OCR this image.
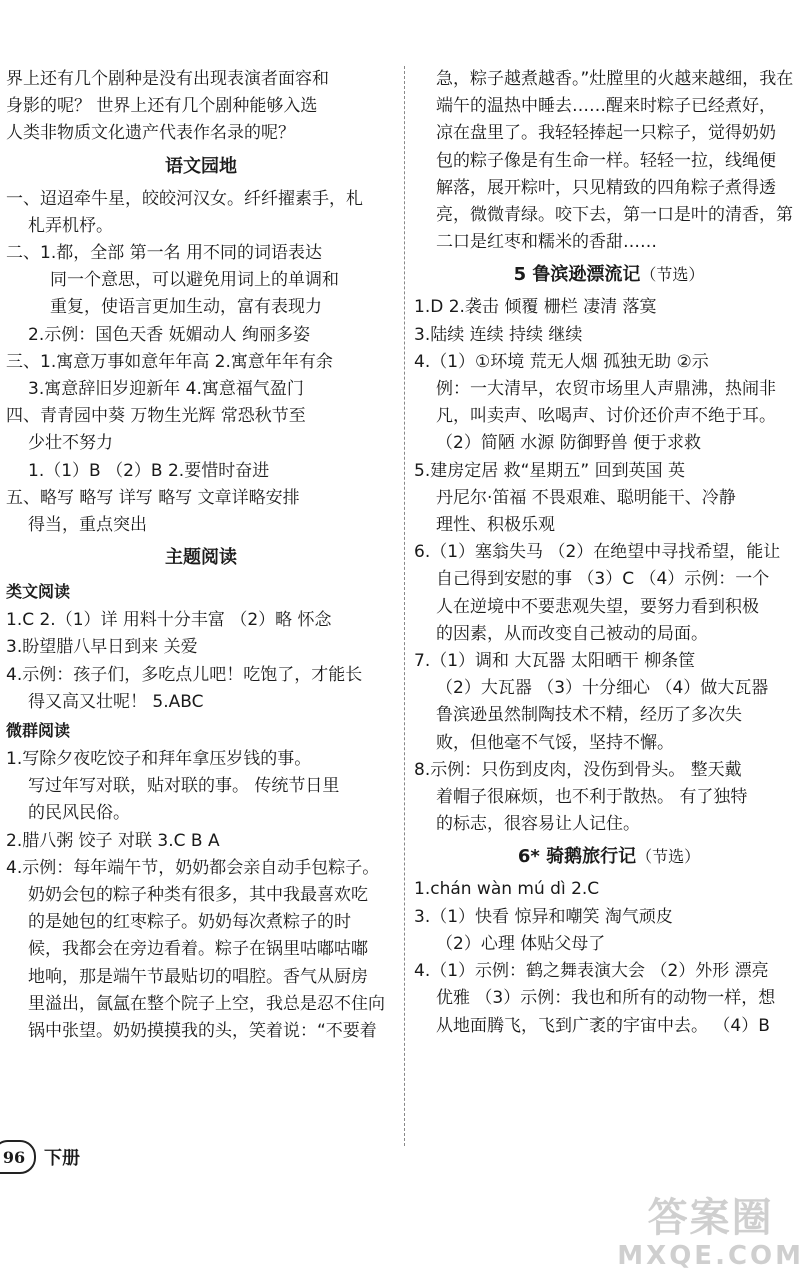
界上还有几个剧种是没有出现表演者面容和
身影的呢？ 世界上还有几个剧种能够入选
人类非物质文化遗产代表作名录的呢？
语文园地
一、迢迢牵牛星，皎皎河汉女。纤纤擢素手，札
札弄机杼。
二、1.都，全部 第一名 用不同的词语表达
同一个意思，可以避免用词上的单调和
重复，使语言更加生动，富有表现力
2.示例：国色天香 妩媚动人 绚丽多姿
三、1.寓意万事如意年年高 2.寓意年年有余
3.寓意辞旧岁迎新年 4.寓意福气盈门
四、青青园中葵 万物生光辉 常恐秋节至
少壮不努力
1.（1）B （2）B 2.要惜时奋进
五、略写 略写 详写 略写 文章详略安排
得当，重点突出
主题阅读
类文阅读
1.C 2.（1）详 用料十分丰富 （2）略 怀念
3.盼望腊八早日到来 关爱
4.示例：孩子们，多吃点儿吧！吃饱了，才能长
得又高又壮呢！ 5.ABC
微群阅读
1.写除夕夜吃饺子和拜年拿压岁钱的事。
写过年写对联，贴对联的事。 传统节日里
的民风民俗。
2.腊八粥 饺子 对联 3.C B A
4.示例：每年端午节，奶奶都会亲自动手包粽子。
奶奶会包的粽子种类有很多，其中我最喜欢吃
的是她包的红枣粽子。奶奶每次煮粽子的时
候，我都会在旁边看着。粽子在锅里咕嘟咕嘟
地响，那是端午节最贴切的唱腔。香气从厨房
里溢出，氤氲在整个院子上空，我总是忍不住向
锅中张望。奶奶摸摸我的头，笑着说：“不要着
急，粽子越煮越香。”灶膛里的火越来越细，我在
端午的温热中睡去……醒来时粽子已经煮好，
凉在盘里了。我轻轻捧起一只粽子，觉得奶奶
包的粽子像是有生命一样。轻轻一拉，线绳便
解落，展开粽叶，只见精致的四角粽子煮得透
亮，微微青绿。咬下去，第一口是叶的清香，第
二口是红枣和糯米的香甜……
5 鲁滨逊漂流记（节选）
1.D 2.袭击 倾覆 栅栏 凄清 落寞
3.陆续 连续 持续 继续
4.（1）①环境 荒无人烟 孤独无助 ②示
例：一大清早，农贸市场里人声鼎沸，热闹非
凡，叫卖声、吆喝声、讨价还价声不绝于耳。
（2）简陋 水源 防御野兽 便于求救
5.建房定居 救“星期五” 回到英国 英
丹尼尔·笛福 不畏艰难、聪明能干、冷静
理性、积极乐观
6.（1）塞翁失马 （2）在绝望中寻找希望，能让
自己得到安慰的事 （3）C （4）示例：一个
人在逆境中不要悲观失望，要努力看到积极
的因素，从而改变自己被动的局面。
7.（1）调和 大瓦器 太阳晒干 柳条筐
（2）大瓦器 （3）十分细心 （4）做大瓦器
鲁滨逊虽然制陶技术不精，经历了多次失
败，但他毫不气馁，坚持不懈。
8.示例：只伤到皮肉，没伤到骨头。 整天戴
着帽子很麻烦，也不利于散热。 有了独特
的标志，很容易让人记住。
6* 骑鹅旅行记（节选）
1.chán wàn mú dì 2.C
3.（1）快看 惊异和嘲笑 淘气顽皮
（2）心理 体贴父母了
4.（1）示例：鹤之舞表演大会 （2）外形 漂亮
优雅 （3）示例：我也和所有的动物一样，想
从地面腾飞，飞到广袤的宇宙中去。 （4）B
96	下册
答案圈
MXQE.COM
